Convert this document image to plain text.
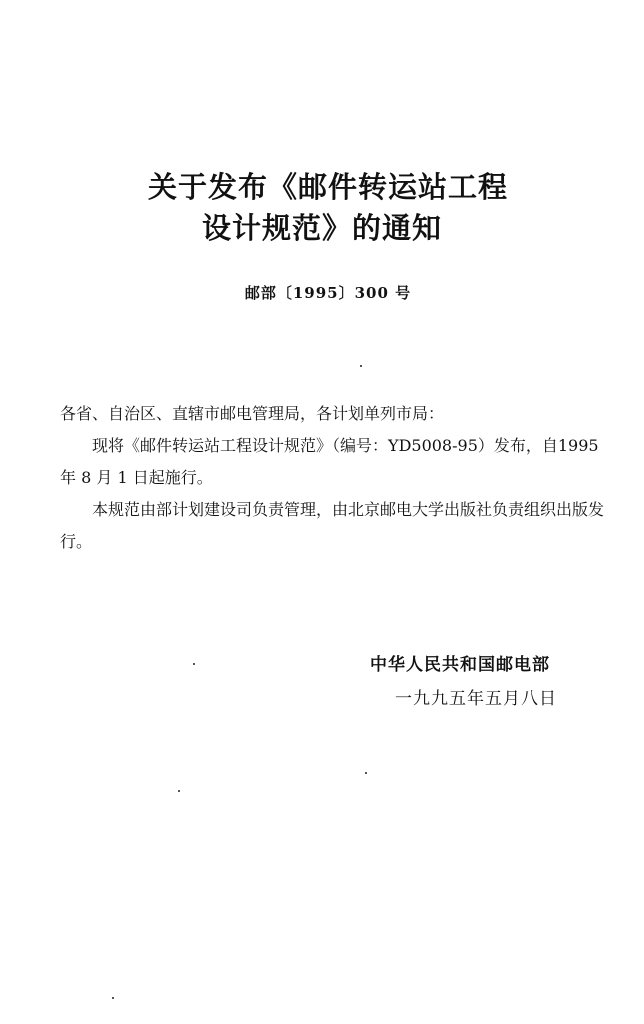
关于发布《邮件转运站工程
设计规范》的通知
邮部〔1995〕300 号
各省、自治区、直辖市邮电管理局，各计划单列市局：
现将《邮件转运站工程设计规范》（编号：YD5008-95）发布，自1995 年 8 月 1 日起施行。
本规范由部计划建设司负责管理，由北京邮电大学出版社负责组织出版发行。
中华人民共和国邮电部
一九九五年五月八日
